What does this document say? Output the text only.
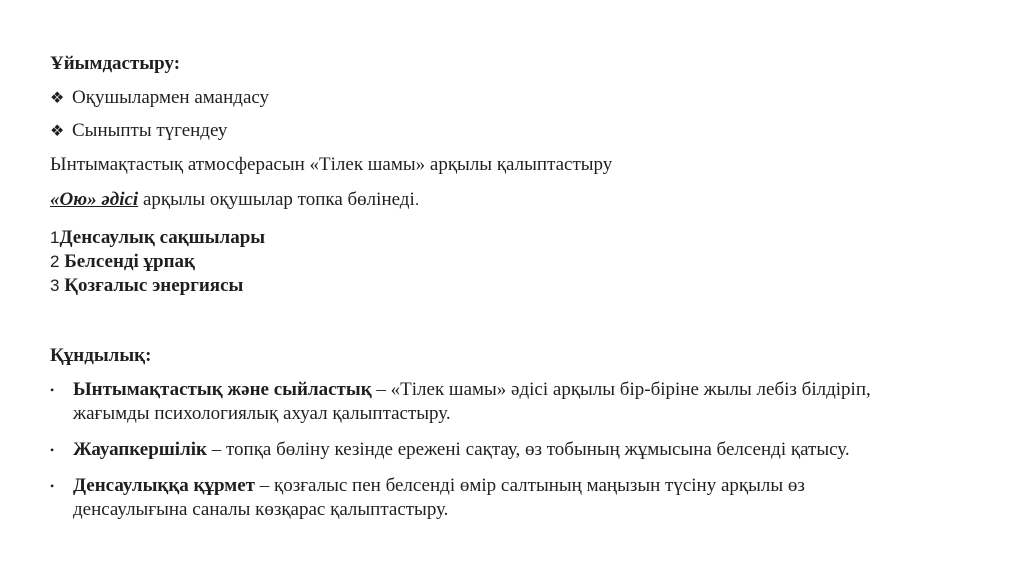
Ұйымдастыру:
❖ Оқушылармен амандасу
❖ Сыныпты түгендеу
Ынтымақтастық атмосферасын «Тілек шамы» арқылы қалыптастыру
«Ою» әдісі арқылы оқушылар топка бөлінеді.
1Денсаулық сақшылары
2 Белсенді ұрпақ
3 Қозғалыс энергиясы
Құндылық:
• Ынтымақтастық және сыйластық – «Тілек шамы» әдісі арқылы бір-біріне жылы лебіз білдіріп,
жағымды психологиялық ахуал қалыптастыру.
• Жауапкершілік – топқа бөліну кезінде ережені сақтау, өз тобының жұмысына белсенді қатысу.
• Денсаулыққа құрмет – қозғалыс пен белсенді өмір салтының маңызын түсіну арқылы өз
денсаулығына саналы көзқарас қалыптастыру.
